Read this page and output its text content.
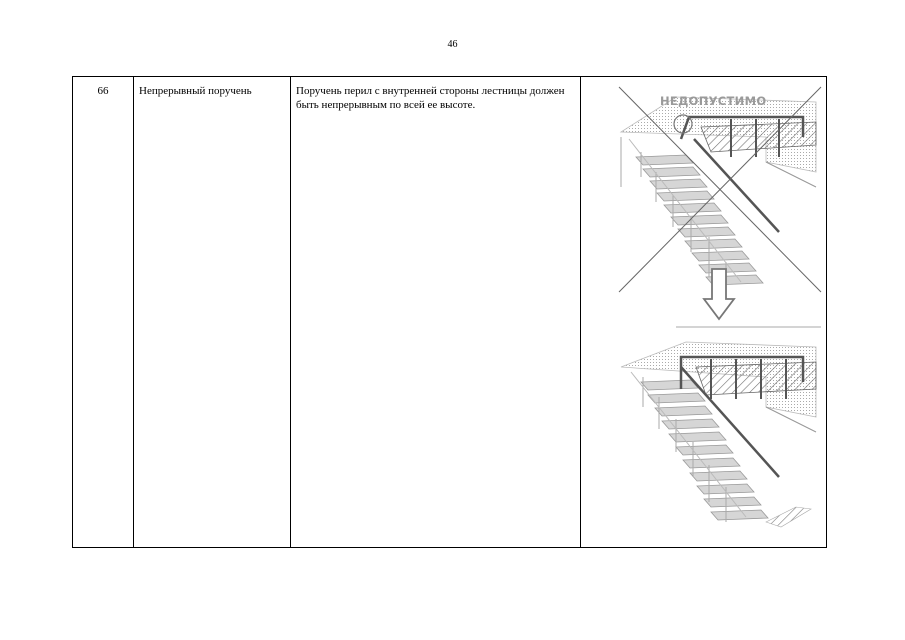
46
66	Непрерывный поручень	Поручень перил с внутренней стороны лестницы должен быть непрерывным по всей ее высоте.	НЕДОПУСТИМО
